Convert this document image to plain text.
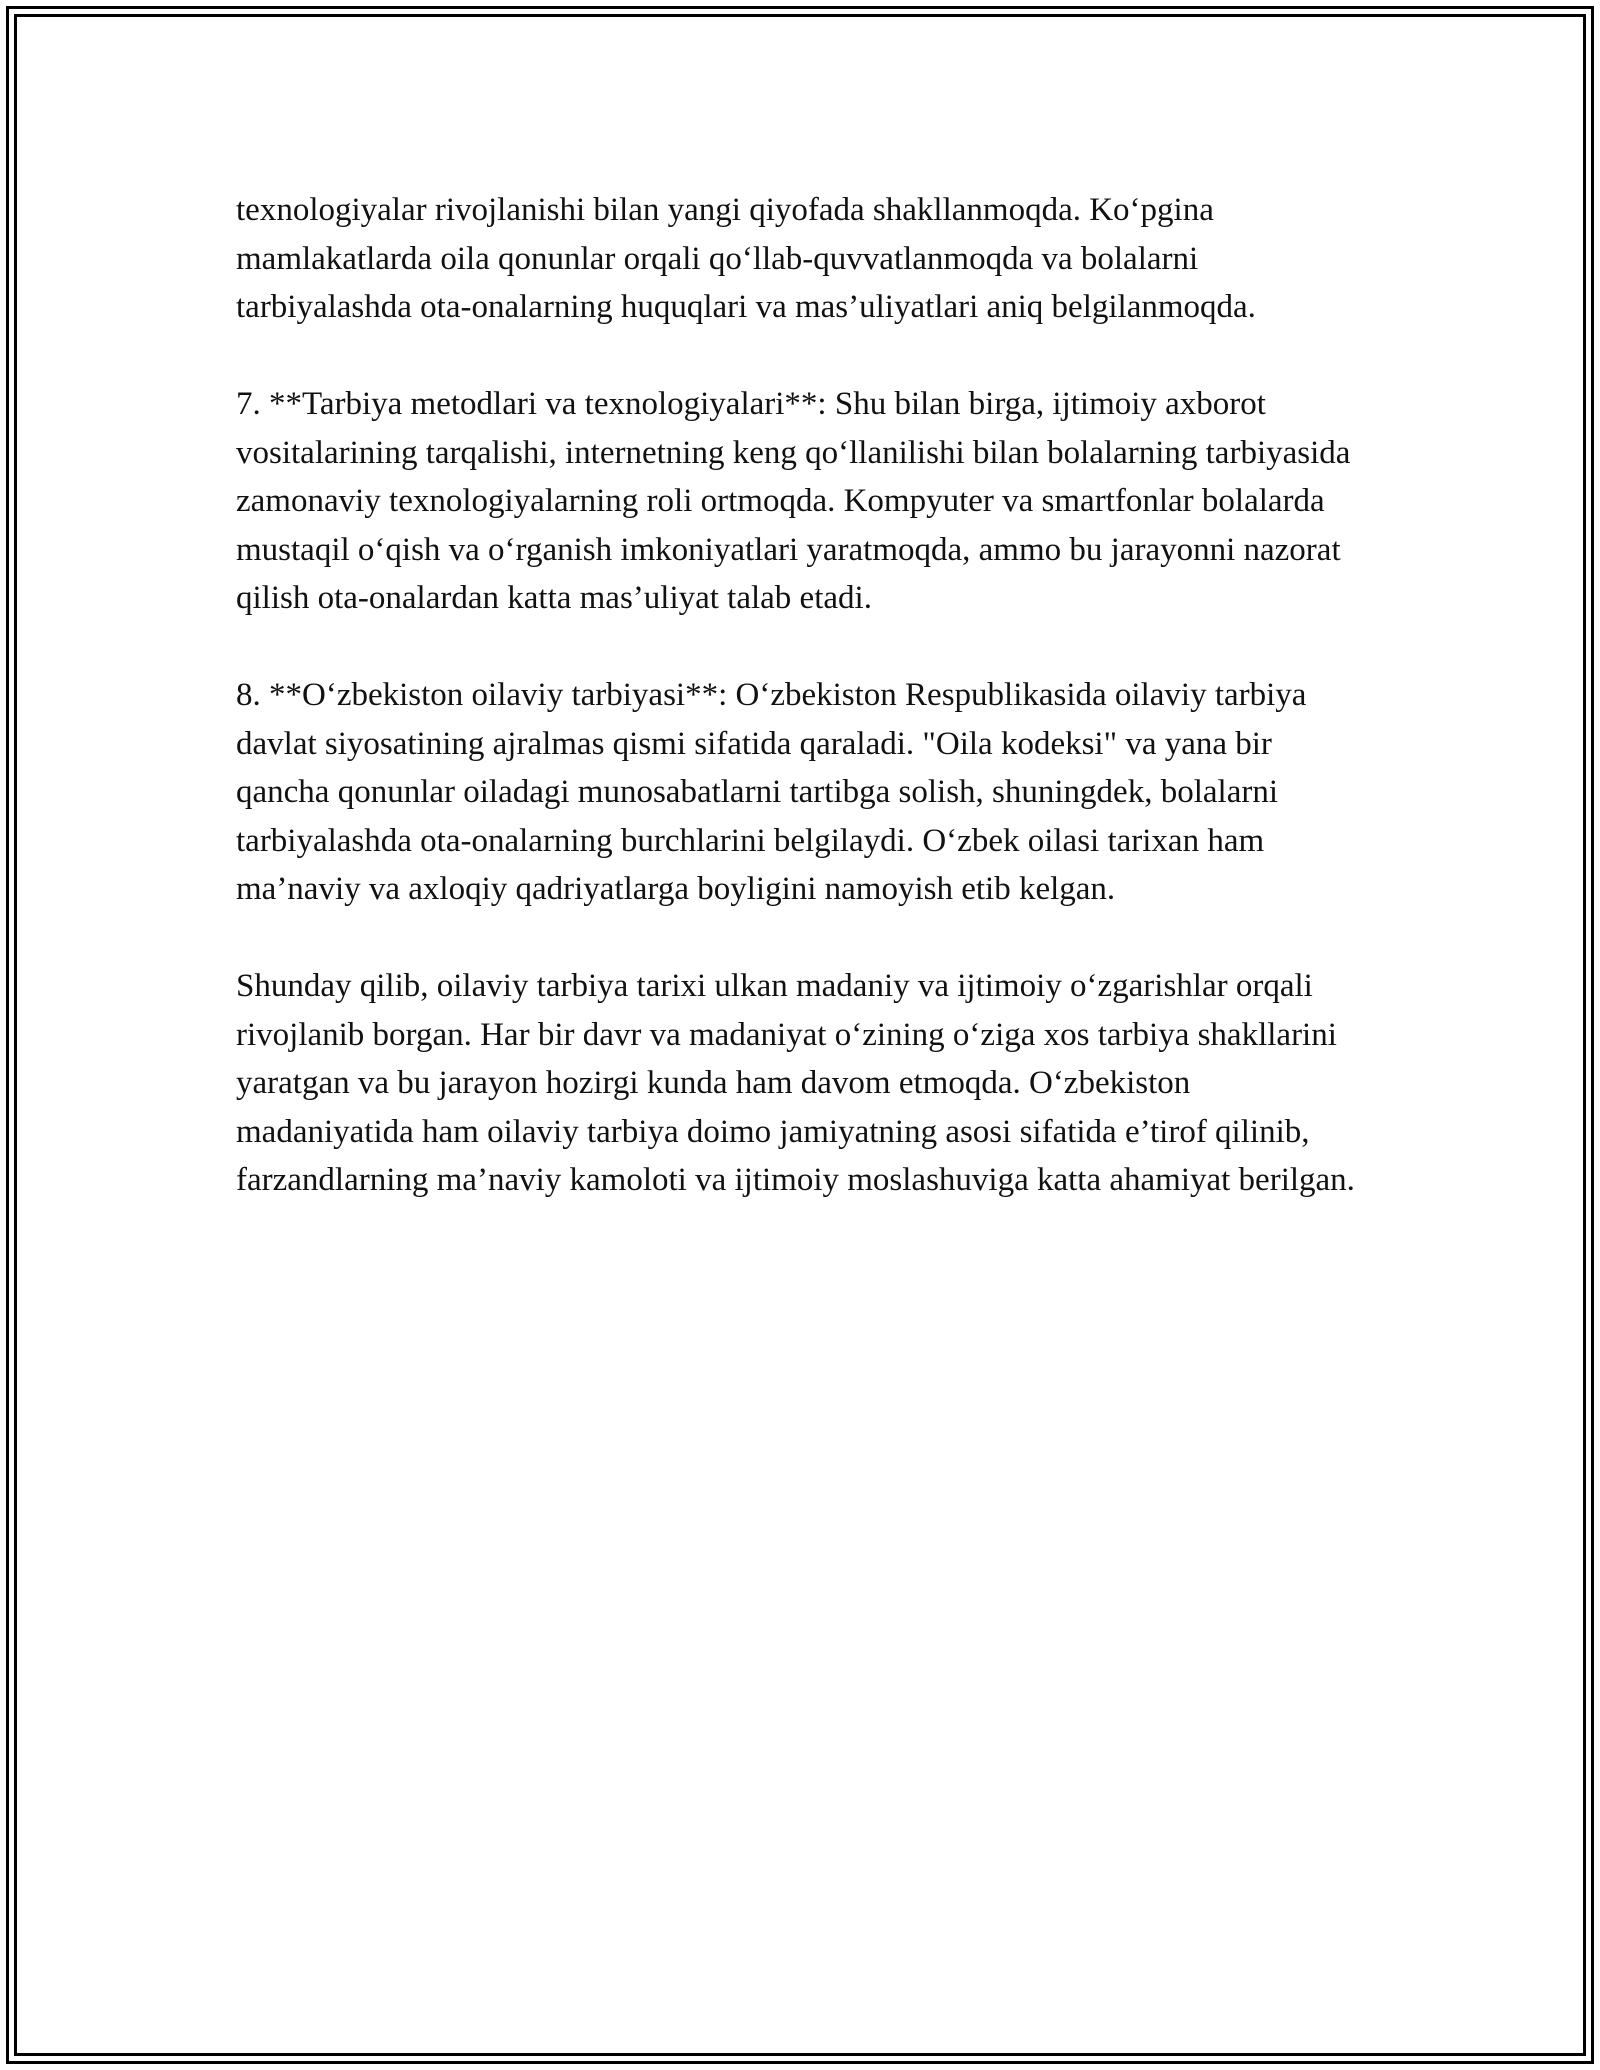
texnologiyalar rivojlanishi bilan yangi qiyofada shakllanmoqda. Ko‘pgina mamlakatlarda oila qonunlar orqali qo‘llab-quvvatlanmoqda va bolalarni tarbiyalashda ota-onalarning huquqlari va mas’uliyatlari aniq belgilanmoqda.

7. **Tarbiya metodlari va texnologiyalari**: Shu bilan birga, ijtimoiy axborot vositalarining tarqalishi, internetning keng qo‘llanilishi bilan bolalarning tarbiyasida zamonaviy texnologiyalarning roli ortmoqda. Kompyuter va smartfonlar bolalarda mustaqil o‘qish va o‘rganish imkoniyatlari yaratmoqda, ammo bu jarayonni nazorat qilish ota-onalardan katta mas’uliyat talab etadi.

8. **O‘zbekiston oilaviy tarbiyasi**: O‘zbekiston Respublikasida oilaviy tarbiya davlat siyosatining ajralmas qismi sifatida qaraladi. "Oila kodeksi" va yana bir qancha qonunlar oiladagi munosabatlarni tartibga solish, shuningdek, bolalarni tarbiyalashda ota-onalarning burchlarini belgilaydi. O‘zbek oilasi tarixan ham ma’naviy va axloqiy qadriyatlarga boyligini namoyish etib kelgan.

Shunday qilib, oilaviy tarbiya tarixi ulkan madaniy va ijtimoiy o‘zgarishlar orqali rivojlanib borgan. Har bir davr va madaniyat o‘zining o‘ziga xos tarbiya shakllarini yaratgan va bu jarayon hozirgi kunda ham davom etmoqda. O‘zbekiston madaniyatida ham oilaviy tarbiya doimo jamiyatning asosi sifatida e’tirof qilinib, farzandlarning ma’naviy kamoloti va ijtimoiy moslashuviga katta ahamiyat berilgan.
